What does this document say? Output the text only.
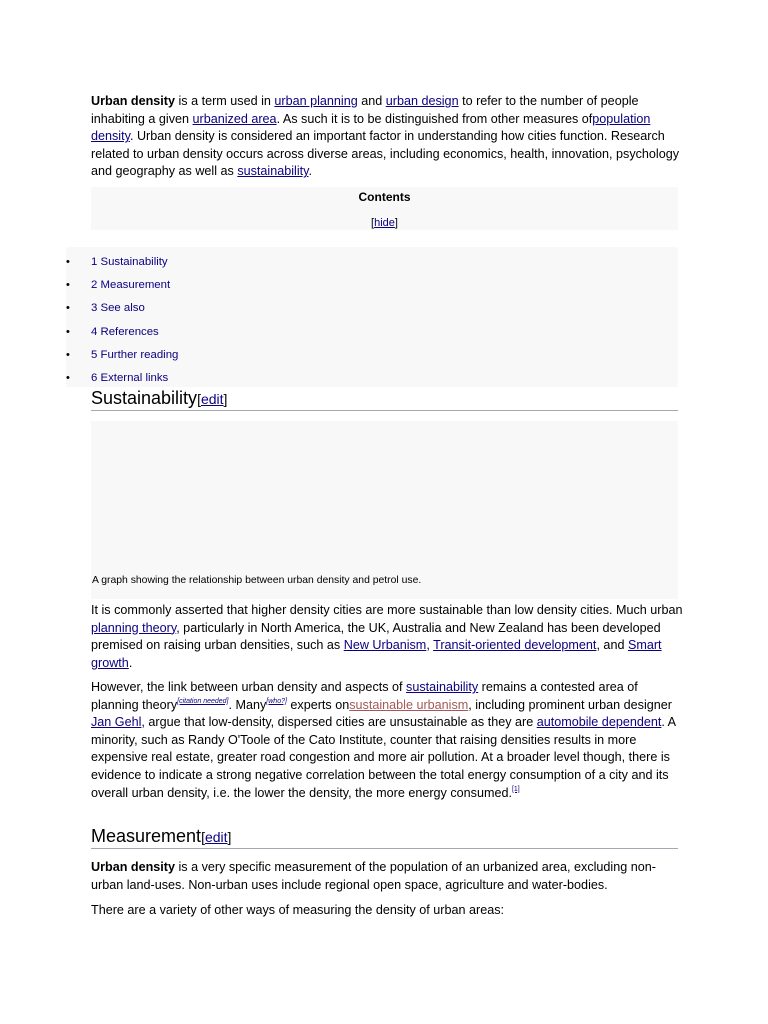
Urban density is a term used in urban planning and urban design to refer to the number of people inhabiting a given urbanized area. As such it is to be distinguished from other measures ofpopulation density. Urban density is considered an important factor in understanding how cities function. Research related to urban density occurs across diverse areas, including economics, health, innovation, psychology and geography as well as sustainability.

Contents
[hide]
• 1 Sustainability
• 2 Measurement
• 3 See also
• 4 References
• 5 Further reading
• 6 External links
Sustainability[edit]
A graph showing the relationship between urban density and petrol use.

It is commonly asserted that higher density cities are more sustainable than low density cities. Much urban planning theory, particularly in North America, the UK, Australia and New Zealand has been developed premised on raising urban densities, such as New Urbanism, Transit-oriented development, and Smart growth.

However, the link between urban density and aspects of sustainability remains a contested area of planning theory[citation needed]. Many[who?] experts onsustainable urbanism, including prominent urban designer Jan Gehl, argue that low-density, dispersed cities are unsustainable as they are automobile dependent. A minority, such as Randy O'Toole of the Cato Institute, counter that raising densities results in more expensive real estate, greater road congestion and more air pollution. At a broader level though, there is evidence to indicate a strong negative correlation between the total energy consumption of a city and its overall urban density, i.e. the lower the density, the more energy consumed.[1]

Measurement[edit]

Urban density is a very specific measurement of the population of an urbanized area, excluding non-urban land-uses. Non-urban uses include regional open space, agriculture and water-bodies.

There are a variety of other ways of measuring the density of urban areas:
